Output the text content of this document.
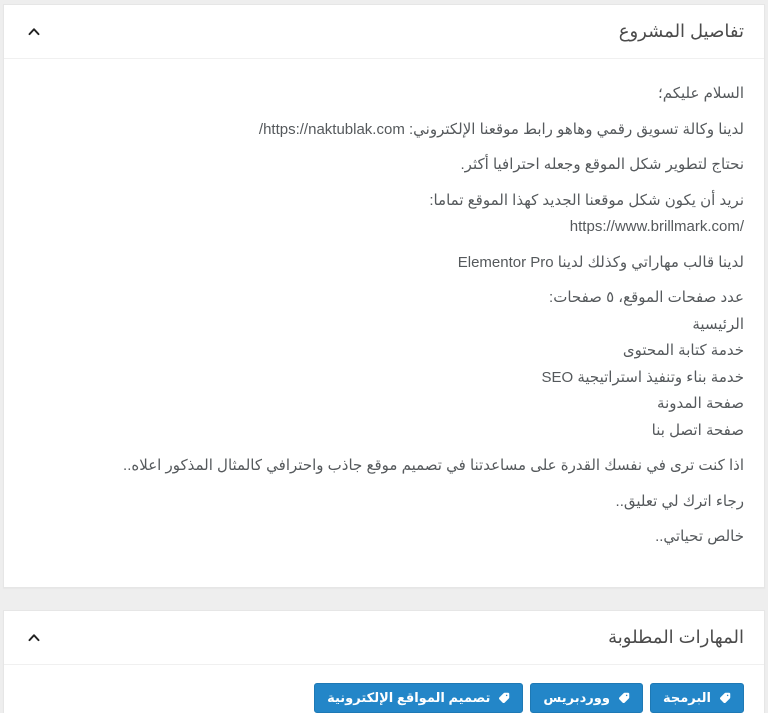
تفاصيل المشروع

السلام عليكم؛

لدينا وكالة تسويق رقمي وهاهو رابط موقعنا الإلكتروني: https://naktublak.com/

نحتاج لتطوير شكل الموقع وجعله احترافيا أكثر.

نريد أن يكون شكل موقعنا الجديد كهذا الموقع تماما:
https://www.brillmark.com/

لدينا قالب مهاراتي وكذلك لدينا Elementor Pro

عدد صفحات الموقع، ٥ صفحات:
الرئيسية
خدمة كتابة المحتوى
خدمة بناء وتنفيذ استراتيجية SEO
صفحة المدونة
صفحة اتصل بنا

اذا كنت ترى في نفسك القدرة على مساعدتنا في تصميم موقع جاذب واحترافي كالمثال المذكور اعلاه..

رجاء اترك لي تعليق..

خالص تحياتي..

المهارات المطلوبة
البرمجة
ووردبريس
تصميم المواقع الإلكترونية
